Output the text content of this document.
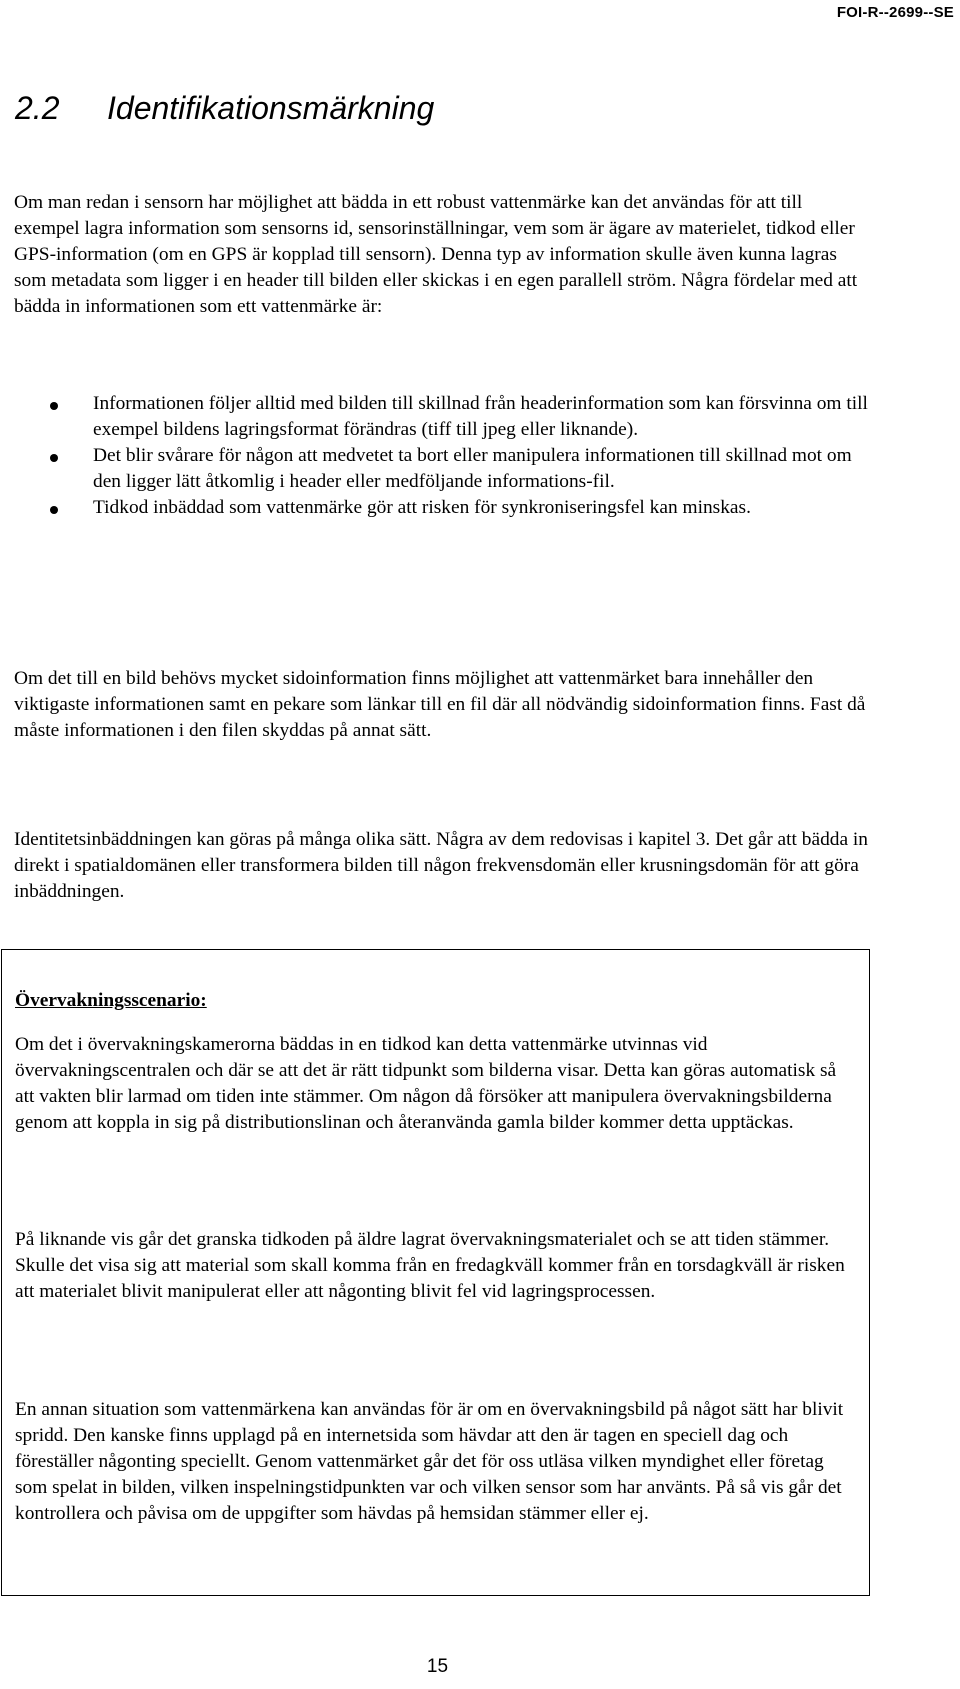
FOI-R--2699--SE
2.2 Identifikationsmärkning

Om man redan i sensorn har möjlighet att bädda in ett robust vattenmärke kan det användas för att till exempel lagra information som sensorns id, sensorinställningar, vem som är ägare av materielet, tidkod eller GPS-information (om en GPS är kopplad till sensorn). Denna typ av information skulle även kunna lagras som metadata som ligger i en header till bilden eller skickas i en egen parallell ström. Några fördelar med att bädda in informationen som ett vattenmärke är:

Informationen följer alltid med bilden till skillnad från headerinformation som kan försvinna om till exempel bildens lagringsformat förändras (tiff till jpeg eller liknande).
Det blir svårare för någon att medvetet ta bort eller manipulera informationen till skillnad mot om den ligger lätt åtkomlig i header eller medföljande informations-fil.
Tidkod inbäddad som vattenmärke gör att risken för synkroniseringsfel kan minskas.

Om det till en bild behövs mycket sidoinformation finns möjlighet att vattenmärket bara innehåller den viktigaste informationen samt en pekare som länkar till en fil där all nödvändig sidoinformation finns. Fast då måste informationen i den filen skyddas på annat sätt.

Identitetsinbäddningen kan göras på många olika sätt. Några av dem redovisas i kapitel 3. Det går att bädda in direkt i spatialdomänen eller transformera bilden till någon frekvensdomän eller krusningsdomän för att göra inbäddningen.

Övervakningsscenario:

Om det i övervakningskamerorna bäddas in en tidkod kan detta vattenmärke utvinnas vid övervakningscentralen och där se att det är rätt tidpunkt som bilderna visar. Detta kan göras automatisk så att vakten blir larmad om tiden inte stämmer. Om någon då försöker att manipulera övervakningsbilderna genom att koppla in sig på distributionslinan och återanvända gamla bilder kommer detta upptäckas.

På liknande vis går det granska tidkoden på äldre lagrat övervakningsmaterialet och se att tiden stämmer. Skulle det visa sig att material som skall komma från en fredagkväll kommer från en torsdagkväll är risken att materialet blivit manipulerat eller att någonting blivit fel vid lagringsprocessen.

En annan situation som vattenmärkena kan användas för är om en övervakningsbild på något sätt har blivit spridd. Den kanske finns upplagd på en internetsida som hävdar att den är tagen en speciell dag och föreställer någonting speciellt. Genom vattenmärket går det för oss utläsa vilken myndighet eller företag som spelat in bilden, vilken inspelningstidpunkten var och vilken sensor som har använts. På så vis går det kontrollera och påvisa om de uppgifter som hävdas på hemsidan stämmer eller ej.

15
